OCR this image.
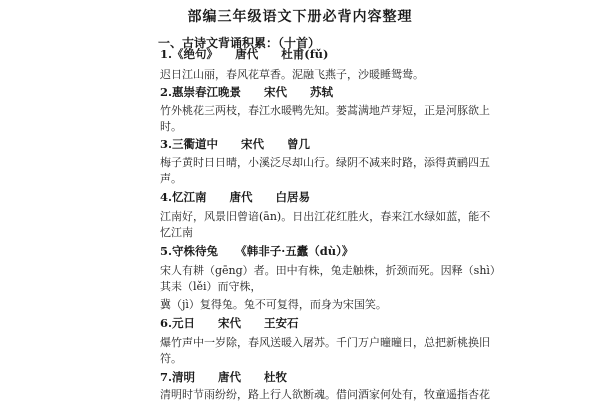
部编三年级语文下册必背内容整理
一、古诗文背诵积累：（十首）
1.《绝句》　　唐代　　杜甫(fǔ)
迟日江山丽，春风花草香。泥融飞燕子，沙暖睡鸳鸯。
2.惠崇春江晚景　　宋代　　苏轼
竹外桃花三两枝，春江水暖鸭先知。蒌蒿满地芦芽短，正是河豚欲上
时。
3.三衢道中　　宋代　　曾几
梅子黄时日日晴，小溪泛尽却山行。绿阴不减来时路，添得黄鹂四五
声。
4.忆江南　　唐代　　白居易
江南好，风景旧曾谙(ān)。日出江花红胜火，春来江水绿如蓝，能不
忆江南
5.守株待兔　　《韩非子·五蠹（dù）》
宋人有耕（gēng）者。田中有株，兔走触株，折颈而死。因释（shì）
其耒（lěi）而守株，
冀（jì）复得兔。兔不可复得，而身为宋国笑。
6.元日　　宋代　　王安石
爆竹声中一岁除，春风送暖入屠苏。千门万户曈曈日，总把新桃换旧
符。
7.清明　　唐代　　杜牧
清明时节雨纷纷，路上行人欲断魂。借问酒家何处有，牧童遥指杏花
